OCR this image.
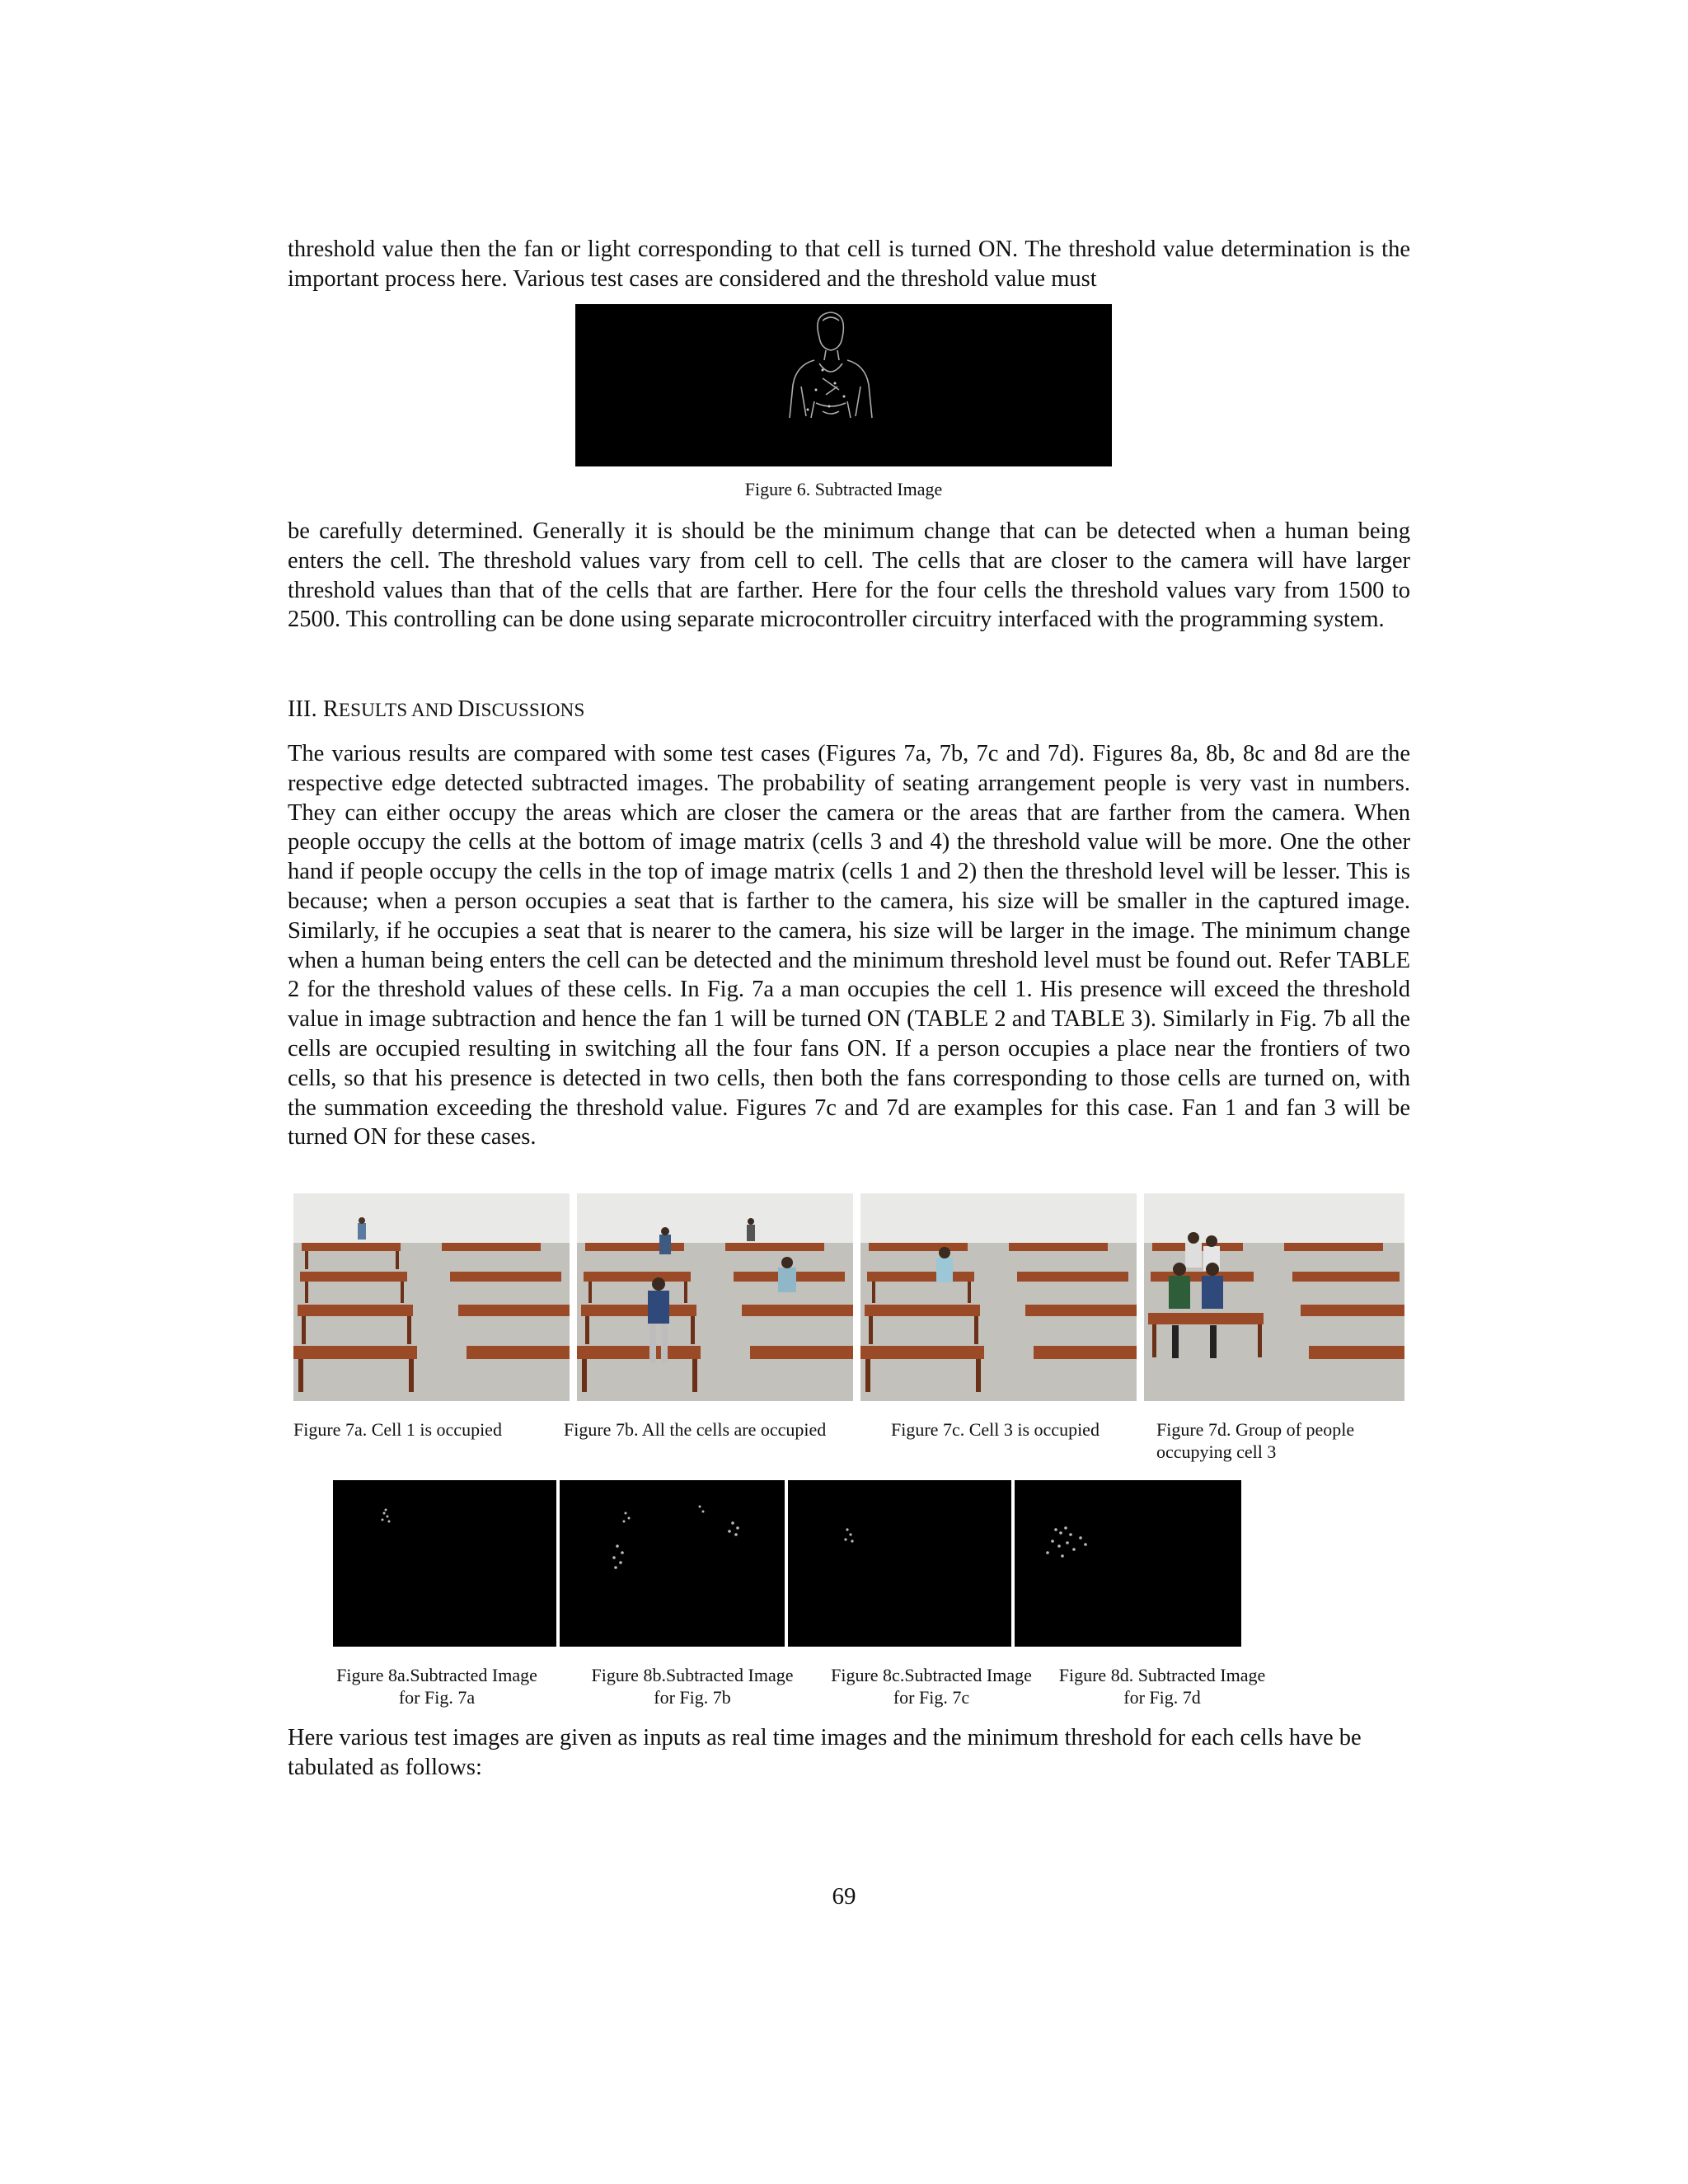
threshold value then the fan or light corresponding to that cell is turned ON. The threshold value determination is the important process here. Various test cases are considered and the threshold value must

Figure 6. Subtracted Image

be carefully determined. Generally it is should be the minimum change that can be detected when a human being enters the cell. The threshold values vary from cell to cell. The cells that are closer to the camera will have larger threshold values than that of the cells that are farther. Here for the four cells the threshold values vary from 1500 to 2500. This controlling can be done using separate microcontroller circuitry interfaced with the programming system.

III. RESULTS AND DISCUSSIONS

The various results are compared with some test cases (Figures 7a, 7b, 7c and 7d). Figures 8a, 8b, 8c and 8d are the respective edge detected subtracted images. The probability of seating arrangement people is very vast in numbers. They can either occupy the areas which are closer the camera or the areas that are farther from the camera. When people occupy the cells at the bottom of image matrix (cells 3 and 4) the threshold value will be more. One the other hand if people occupy the cells in the top of image matrix (cells 1 and 2) then the threshold level will be lesser. This is because; when a person occupies a seat that is farther to the camera, his size will be smaller in the captured image. Similarly, if he occupies a seat that is nearer to the camera, his size will be larger in the image. The minimum change when a human being enters the cell can be detected and the minimum threshold level must be found out. Refer TABLE 2 for the threshold values of these cells. In Fig. 7a a man occupies the cell 1. His presence will exceed the threshold value in image subtraction and hence the fan 1 will be turned ON (TABLE 2 and TABLE 3). Similarly in Fig. 7b all the cells are occupied resulting in switching all the four fans ON. If a person occupies a place near the frontiers of two cells, so that his presence is detected in two cells, then both the fans corresponding to those cells are turned on, with the summation exceeding the threshold value. Figures 7c and 7d are examples for this case. Fan 1 and fan 3 will be turned ON for these cases.

Figure 7a. Cell 1 is occupied	Figure 7b. All the cells are occupied	Figure 7c. Cell 3 is occupied	Figure 7d. Group of people

occupying cell 3

Figure 8a.Subtracted Image

for Fig. 7a

Figure 8b.Subtracted Image

for Fig. 7b

Figure 8c.Subtracted Image

for Fig. 7c

Figure 8d. Subtracted Image

for Fig. 7d

Here various test images are given as inputs as real time images and the minimum threshold for each cells have be tabulated as follows:

69
